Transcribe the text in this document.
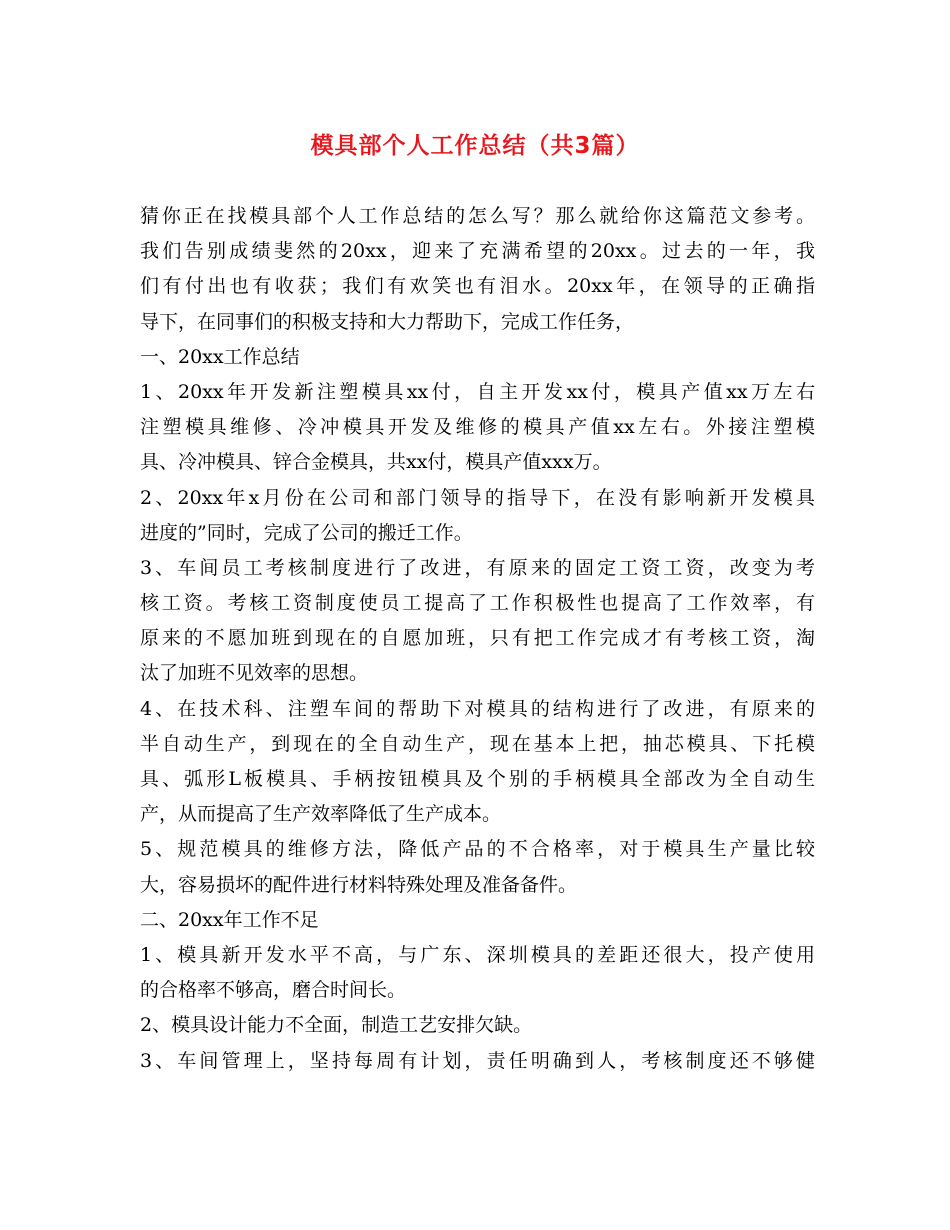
模具部个人工作总结（共3篇）
猜你正在找模具部个人工作总结的怎么写？那么就给你这篇范文参考。
我们告别成绩斐然的20xx，迎来了充满希望的20xx。过去的一年，我
们有付出也有收获；我们有欢笑也有泪水。20xx年，在领导的正确指
导下，在同事们的积极支持和大力帮助下，完成工作任务，
一、20xx工作总结
1、20xx年开发新注塑模具xx付，自主开发xx付，模具产值xx万左右
注塑模具维修、冷冲模具开发及维修的模具产值xx左右。外接注塑模
具、冷冲模具、锌合金模具，共xx付，模具产值xxx万。
2、20xx年x月份在公司和部门领导的指导下，在没有影响新开发模具
进度的”同时，完成了公司的搬迁工作。
3、车间员工考核制度进行了改进，有原来的固定工资工资，改变为考
核工资。考核工资制度使员工提高了工作积极性也提高了工作效率，有
原来的不愿加班到现在的自愿加班，只有把工作完成才有考核工资，淘
汰了加班不见效率的思想。
4、在技术科、注塑车间的帮助下对模具的结构进行了改进，有原来的
半自动生产，到现在的全自动生产，现在基本上把，抽芯模具、下托模
具、弧形L板模具、手柄按钮模具及个别的手柄模具全部改为全自动生
产，从而提高了生产效率降低了生产成本。
5、规范模具的维修方法，降低产品的不合格率，对于模具生产量比较
大，容易损坏的配件进行材料特殊处理及准备备件。
二、20xx年工作不足
1、模具新开发水平不高，与广东、深圳模具的差距还很大，投产使用
的合格率不够高，磨合时间长。
2、模具设计能力不全面，制造工艺安排欠缺。
3、车间管理上，坚持每周有计划，责任明确到人，考核制度还不够健
